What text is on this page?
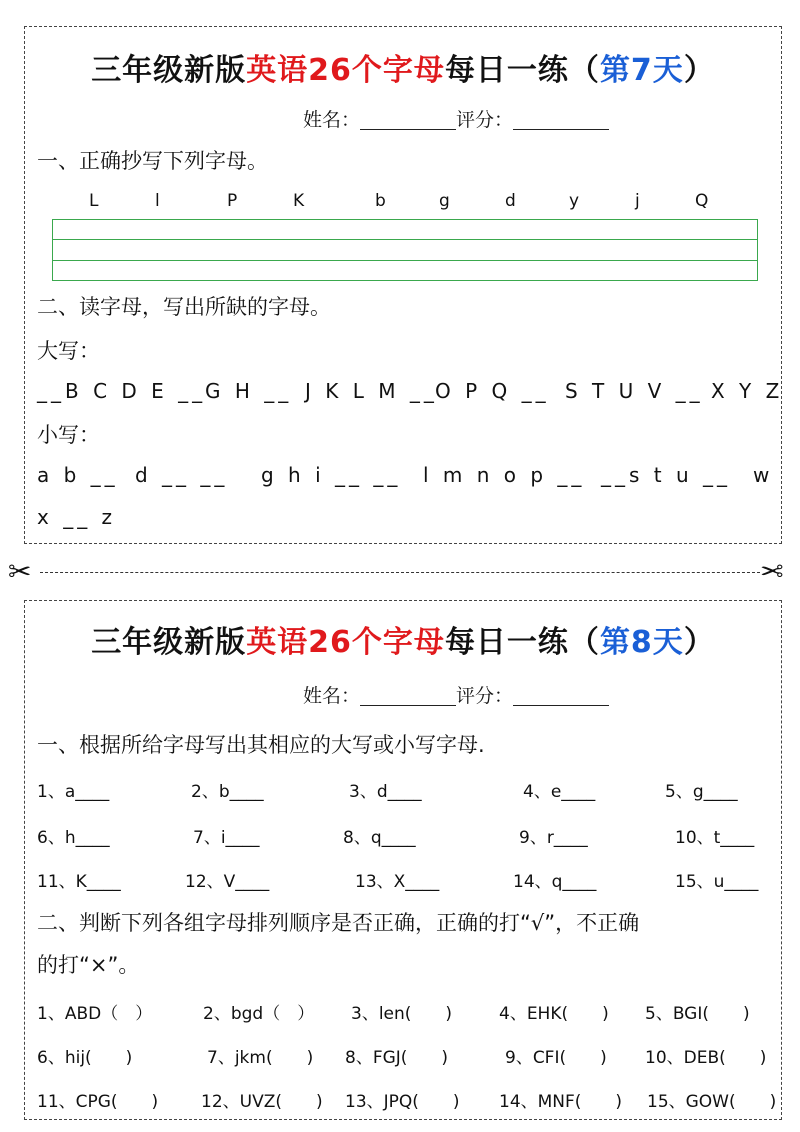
三年级新版英语26个字母每日一练（第7天）
姓名：	评分：
一、正确抄写下列字母。
L	l	P	K	b	g	d	y	j	Q
二、读字母，写出所缺的字母。
大写：
__B C D E __
G H __ J K L M __
O P Q __ S T U V __ X Y Z
小写：
a b __ d __ __ g h i __ __ l m n o p __ __s t u __ w
x __ z
✂	✂
三年级新版英语26个字母每日一练（第8天）
姓名：	评分：
一、根据所给字母写出其相应的大写或小写字母.
1、a____	2、b____	3、d____	4、e____	5、g____
6、h____	7、i____	8、q____	9、r____	10、t____
11、K____	12、V____	13、X____	14、q____	15、u____
二、判断下列各组字母排列顺序是否正确，正确的打“√”，不正确
的打“×”。
1、ABD（　）	2、bgd（　） 3、len(　　)	4、EHK(　　) 5、BGI(　　)
6、hij(　　)	7、jkm(　　) 8、FGJ(　　)	9、CFI(　　) 10、DEB(　　)
11、CPG(　　)	12、UVZ(　　) 13、JPQ(　　) 14、MNF(　　) 15、GOW(　　)
